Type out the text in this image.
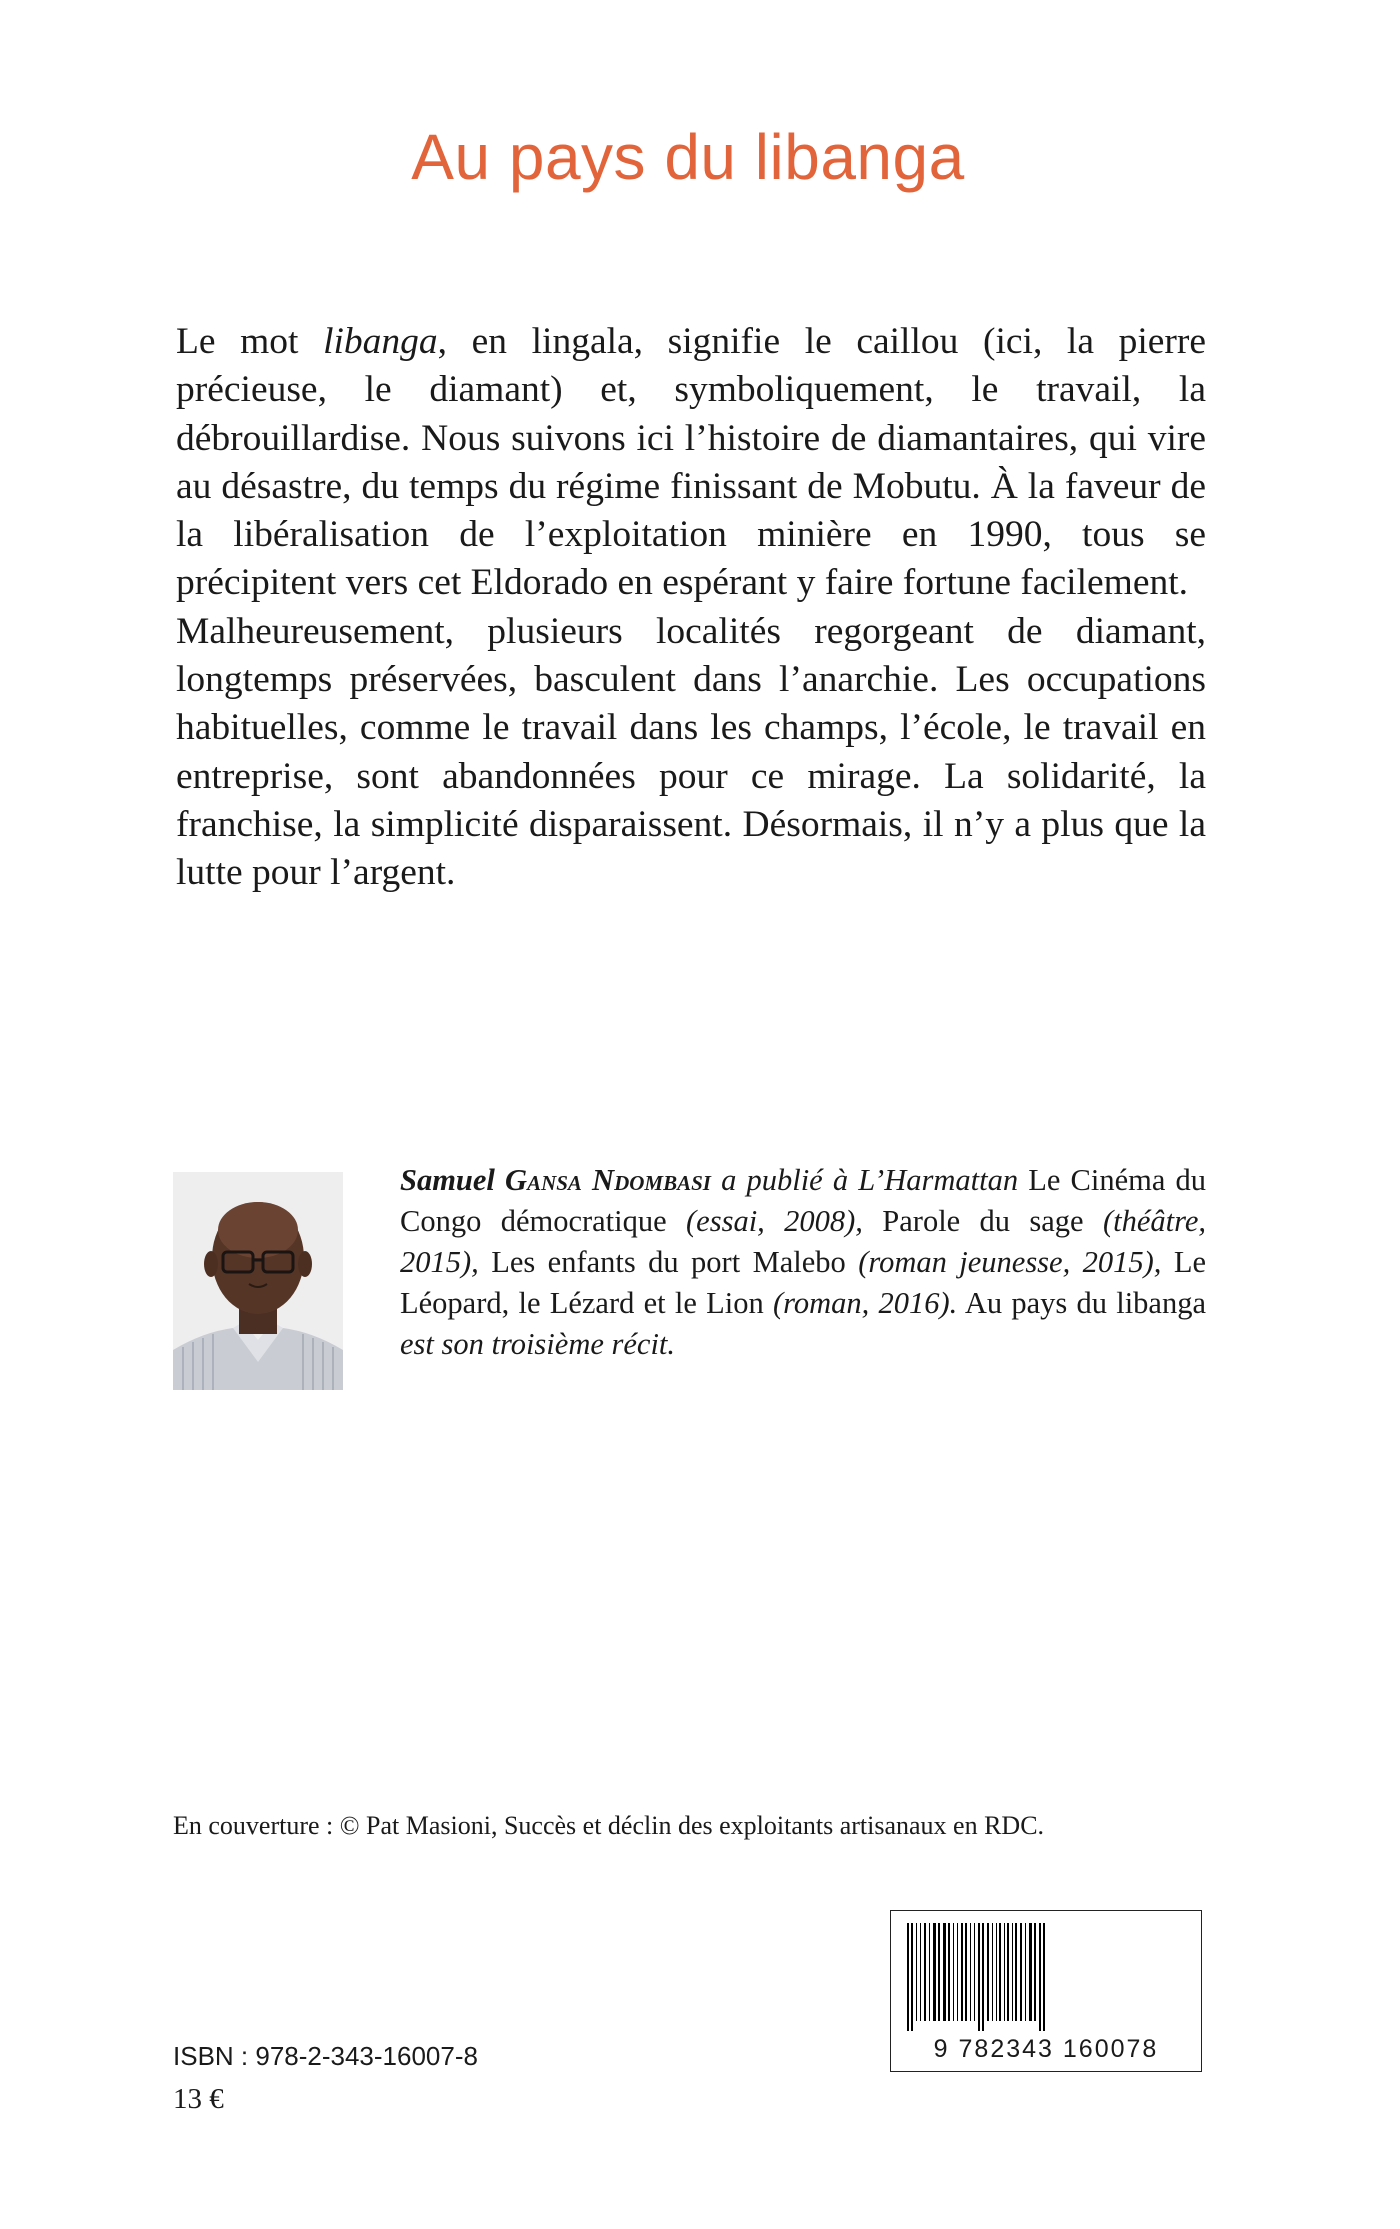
Au pays du libanga

Le mot libanga, en lingala, signifie le caillou (ici, la pierre précieuse, le diamant) et, symboliquement, le travail, la débrouillardise. Nous suivons ici l’histoire de diamantaires, qui vire au désastre, du temps du régime finissant de Mobutu. À la faveur de la libéralisation de l’exploitation minière en 1990, tous se précipitent vers cet Eldorado en espérant y faire fortune facilement.

Malheureusement, plusieurs localités regorgeant de diamant, longtemps préservées, basculent dans l’anarchie. Les occupations habituelles, comme le travail dans les champs, l’école, le travail en entreprise, sont abandonnées pour ce mirage. La solidarité, la franchise, la simplicité disparaissent. Désormais, il n’y a plus que la lutte pour l’argent.

Samuel Gansa Ndombasi a publié à L’Harmattan Le Cinéma du Congo démocratique (essai, 2008), Parole du sage (théâtre, 2015), Les enfants du port Malebo (roman jeunesse, 2015), Le Léopard, le Lézard et le Lion (roman, 2016). Au pays du libanga est son troisième récit.

En couverture : © Pat Masioni, Succès et déclin des exploitants artisanaux en RDC.

9 782343 160078

ISBN : 978-2-343-16007-8

13 €
